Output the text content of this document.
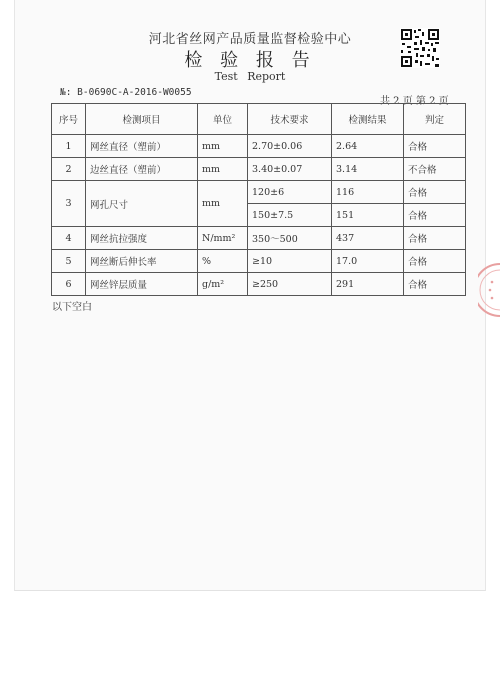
河北省丝网产品质量监督检验中心
检 验 报 告
Test Report
№: B-0690C-A-2016-W0055
共 2 页 第 2 页
序号	检测项目	单位	技术要求	检测结果	判定
1	网丝直径（塑前）	mm	2.70±0.06	2.64	合格
2	边丝直径（塑前）	mm	3.40±0.07	3.14	不合格
3	网孔尺寸	mm	120±6	116	合格
			150±7.5	151	合格
4	网丝抗拉强度	N/mm²	350～500	437	合格
5	网丝断后伸长率	%	≥10	17.0	合格
6	网丝锌层质量	g/m²	≥250	291	合格
以下空白
